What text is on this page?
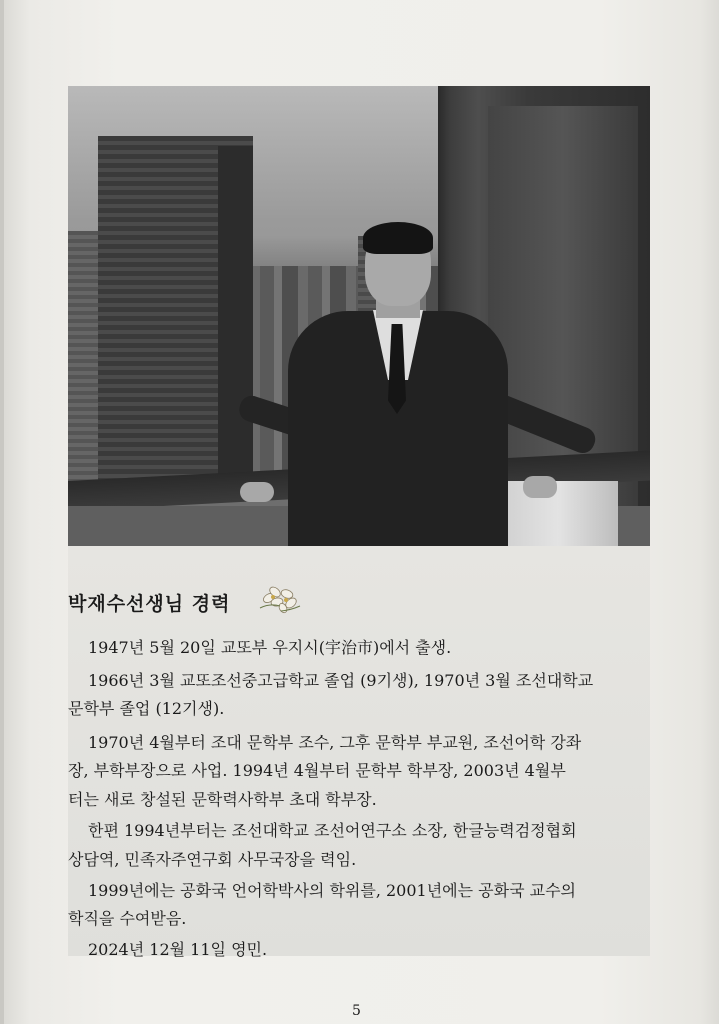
박재수선생님 경력
1947년 5월 20일 교또부 우지시(宇治市)에서 출생.
1966년 3월 교또조선중고급학교 졸업 (9기생), 1970년 3월 조선대학교
문학부 졸업 (12기생).
1970년 4월부터 조대 문학부 조수, 그후 문학부 부교원, 조선어학 강좌
장, 부학부장으로 사업. 1994년 4월부터 문학부 학부장, 2003년 4월부
터는 새로 창설된 문학력사학부 초대 학부장.
한편 1994년부터는 조선대학교 조선어연구소 소장, 한글능력검정협회
상담역, 민족자주연구회 사무국장을 력임.
1999년에는 공화국 언어학박사의 학위를, 2001년에는 공화국 교수의
학직을 수여받음.
2024년 12월 11일 영민.
5
